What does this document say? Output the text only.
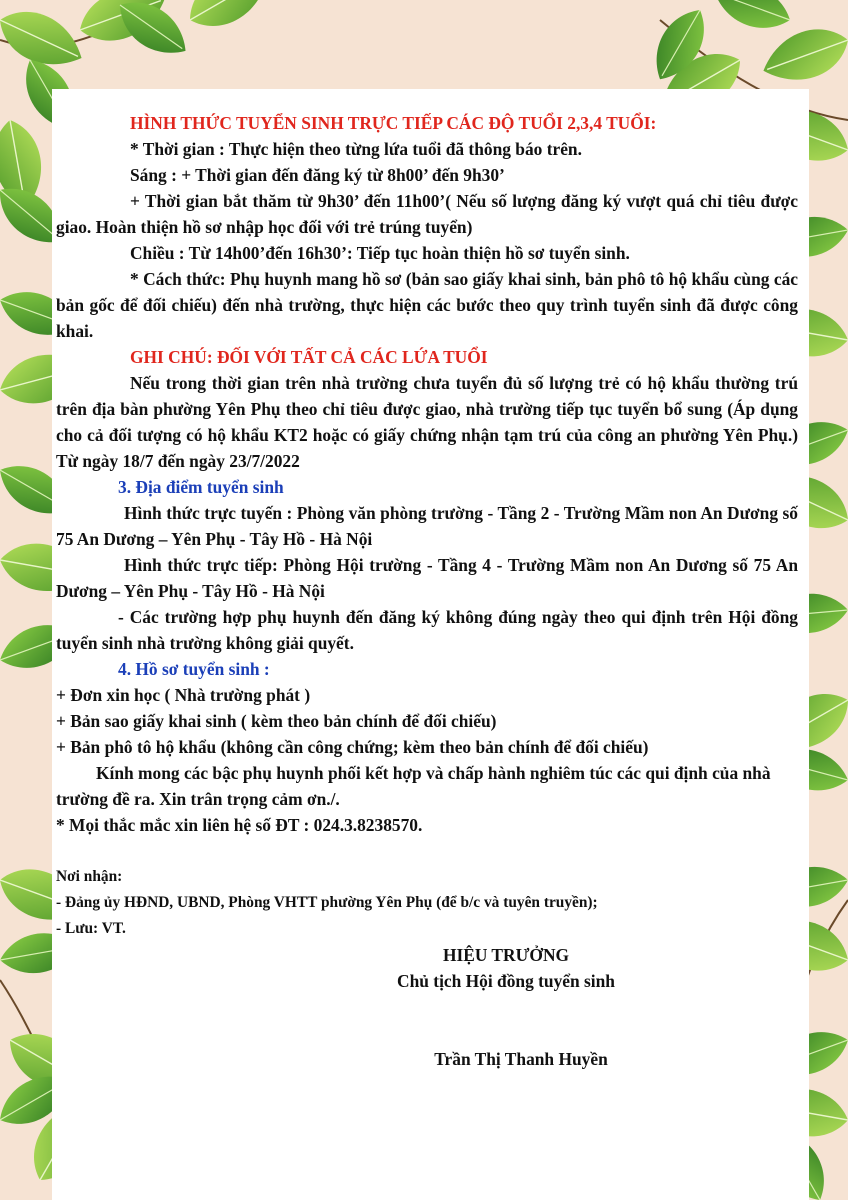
HÌNH THỨC TUYỂN SINH TRỰC TIẾP CÁC ĐỘ TUỔI 2,3,4 TUỔI:

* Thời gian : Thực hiện theo từng lứa tuổi đã thông báo trên.

Sáng : + Thời gian đến đăng ký từ 8h00’ đến 9h30’

+ Thời gian bắt thăm từ 9h30’ đến 11h00’( Nếu số lượng đăng ký vượt quá chỉ tiêu được giao. Hoàn thiện hồ sơ nhập học đối với trẻ trúng tuyển)

Chiều : Từ 14h00’đến 16h30’: Tiếp tục hoàn thiện hồ sơ tuyển sinh.

* Cách thức: Phụ huynh mang hồ sơ (bản sao giấy khai sinh, bản phô tô hộ khẩu cùng các bản gốc để đối chiếu) đến nhà trường, thực hiện các bước theo quy trình tuyển sinh đã được công khai.

GHI CHÚ: ĐỐI VỚI TẤT CẢ CÁC LỨA TUỔI

Nếu trong thời gian trên nhà trường chưa tuyển đủ số lượng trẻ có hộ khẩu thường trú trên địa bàn phường Yên Phụ theo chỉ tiêu được giao, nhà trường tiếp tục tuyển bổ sung (Áp dụng cho cả đối tượng có hộ khẩu KT2 hoặc có giấy chứng nhận tạm trú của công an phường Yên Phụ.) Từ ngày 18/7 đến ngày 23/7/2022

3. Địa điểm tuyển sinh

Hình thức trực tuyến : Phòng văn phòng trường - Tầng 2 - Trường Mầm non An Dương số 75 An Dương – Yên Phụ - Tây Hồ - Hà Nội

Hình thức trực tiếp: Phòng Hội trường - Tầng 4 - Trường Mầm non An Dương số 75 An Dương – Yên Phụ - Tây Hồ - Hà Nội

- Các trường hợp phụ huynh đến đăng ký không đúng ngày theo qui định trên Hội đồng tuyển sinh nhà trường không giải quyết.

4. Hồ sơ tuyển sinh :

+ Đơn xin học ( Nhà trường phát )

+ Bản sao giấy khai sinh ( kèm theo bản chính để đối chiếu)

+ Bản phô tô hộ khẩu (không cần công chứng; kèm theo bản chính để đối chiếu)

Kính mong các bậc phụ huynh phối kết hợp và chấp hành nghiêm túc các qui định của nhà trường đề ra. Xin trân trọng cảm ơn./.

* Mọi thắc mắc xin liên hệ số ĐT : 024.3.8238570.

Nơi nhận:

- Đảng ủy HĐND, UBND, Phòng VHTT phường Yên Phụ (để b/c và tuyên truyền);

- Lưu: VT.

HIỆU TRƯỞNG

Chủ tịch Hội đồng tuyển sinh

Trần Thị Thanh Huyền
